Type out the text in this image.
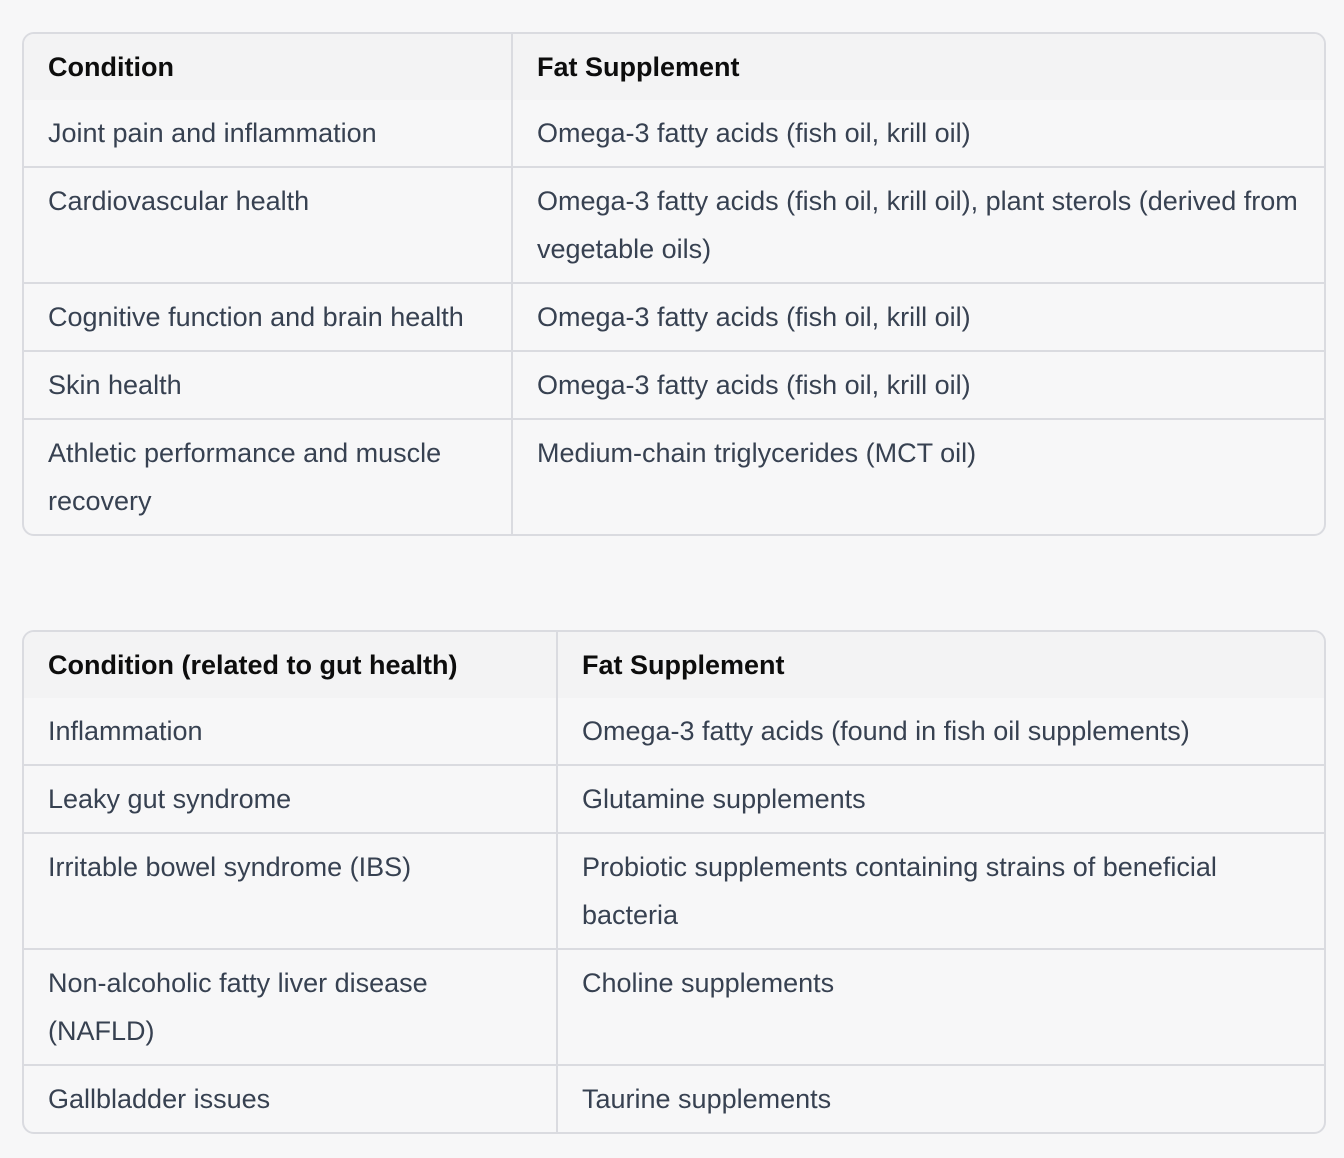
Condition	Fat Supplement
Joint pain and inflammation	Omega-3 fatty acids (fish oil, krill oil)
Cardiovascular health	Omega-3 fatty acids (fish oil, krill oil), plant sterols (derived from vegetable oils)
Cognitive function and brain health	Omega-3 fatty acids (fish oil, krill oil)
Skin health	Omega-3 fatty acids (fish oil, krill oil)
Athletic performance and muscle recovery	Medium-chain triglycerides (MCT oil)
Condition (related to gut health)	Fat Supplement
Inflammation	Omega-3 fatty acids (found in fish oil supplements)
Leaky gut syndrome	Glutamine supplements
Irritable bowel syndrome (IBS)	Probiotic supplements containing strains of beneficial bacteria
Non-alcoholic fatty liver disease (NAFLD)	Choline supplements
Gallbladder issues	Taurine supplements
